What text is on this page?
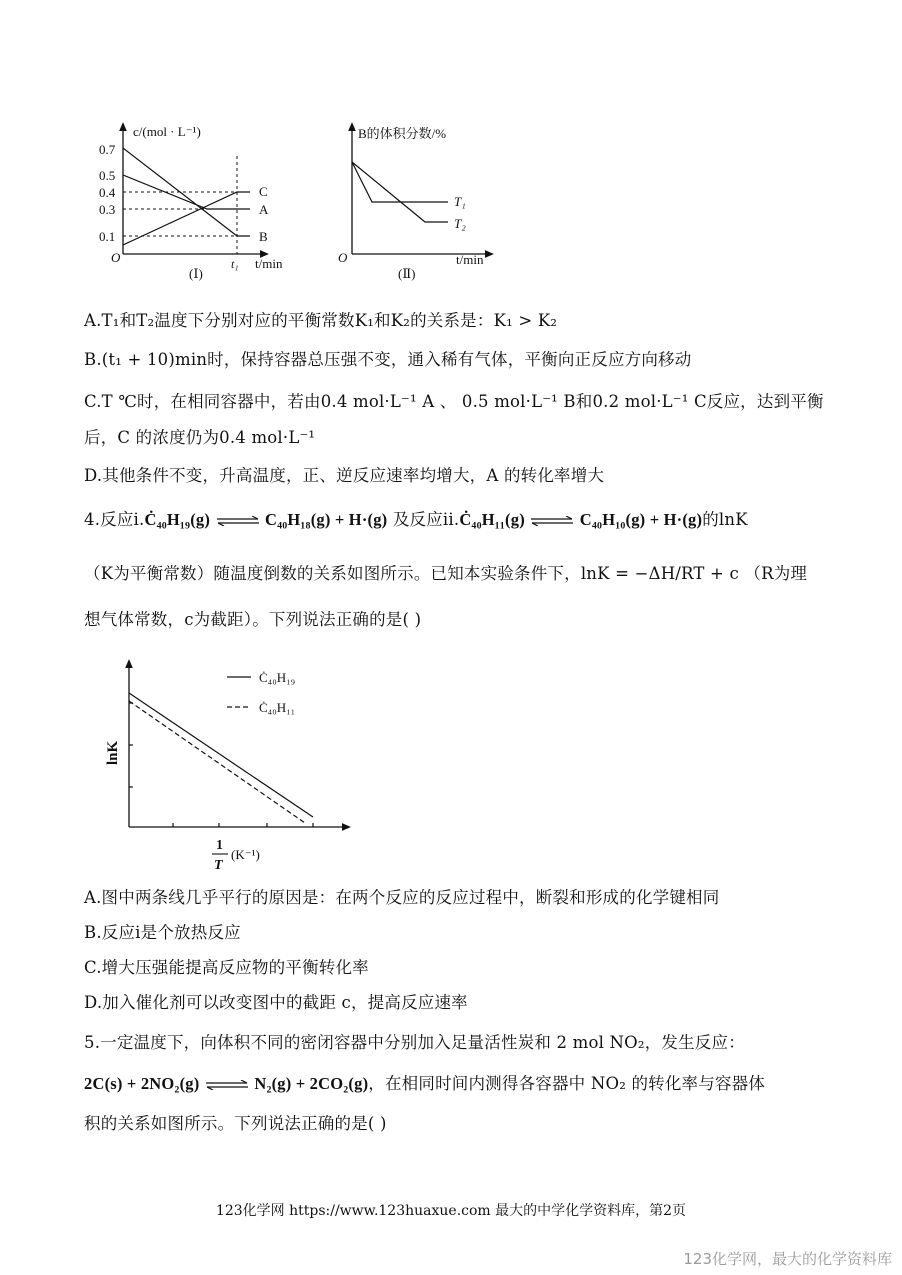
c/(mol · L⁻¹)
0.7
0.5
0.4
0.3
0.1
O
C
A
B
t₁ t/min
(Ⅰ)
B的体积分数/%
O
T₁
T₂
t/min
(Ⅱ)
A.T₁和T₂温度下分别对应的平衡常数K₁和K₂的关系是：K₁ > K₂
B.(t₁ + 10)min时，保持容器总压强不变，通入稀有气体，平衡向正反应方向移动
C.T ℃时，在相同容器中，若由0.4 mol·L⁻¹ A 、 0.5 mol·L⁻¹ B和0.2 mol·L⁻¹ C反应，达到平衡
后，C 的浓度仍为0.4 mol·L⁻¹
D.其他条件不变，升高温度，正、逆反应速率均增大，A 的转化率增大
4.反应i.Ċ₄₀H₁₉(g) ⇌ C₄₀H₁₈(g) + H·(g) 及反应ii.Ċ₄₀H₁₁(g) ⇌ C₄₀H₁₀(g) + H·(g)的lnK
（K为平衡常数）随温度倒数的关系如图所示。已知本实验条件下，lnK = −ΔH/RT + c （R为理
想气体常数，c为截距）。下列说法正确的是( )
lnK
Ċ₄₀H₁₉
Ċ₄₀H₁₁
1
T
(K⁻¹)
A.图中两条线几乎平行的原因是：在两个反应的反应过程中，断裂和形成的化学键相同
B.反应i是个放热反应
C.增大压强能提高反应物的平衡转化率
D.加入催化剂可以改变图中的截距 c，提高反应速率
5.一定温度下，向体积不同的密闭容器中分别加入足量活性炭和 2 mol NO₂，发生反应：
2C(s) + 2NO₂(g) ⇌ N₂(g) + 2CO₂(g)，在相同时间内测得各容器中 NO₂ 的转化率与容器体
积的关系如图所示。下列说法正确的是( )
123化学网 https://www.123huaxue.com 最大的中学化学资料库，第2页
123化学网，最大的化学资料库
